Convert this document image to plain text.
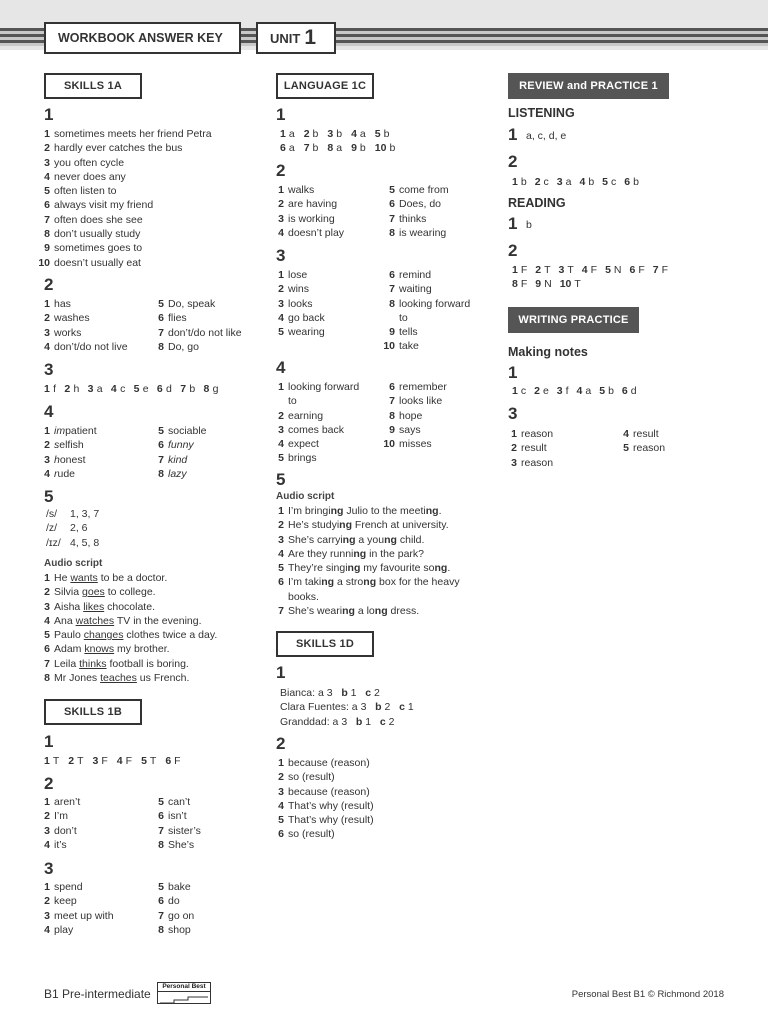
WORKBOOK ANSWER KEY	UNIT 1
SKILLS 1A
1
1 sometimes meets her friend Petra
2 hardly ever catches the bus
3 you often cycle
4 never does any
5 often listen to
6 always visit my friend
7 often does she see
8 don’t usually study
9 sometimes goes to
10 doesn’t usually eat
2
1 has
2 washes
3 works
4 don’t/do not live
5 Do, speak
6 flies
7 don’t/do not like
8 Do, go
3
1 f 2 h 3 a 4 c 5 e 6 d 7 b 8 g
4
1 impatient
2 selfish
3 honest
4 rude
5 sociable
6 funny
7 kind
8 lazy
5
/s/ 1, 3, 7
/z/ 2, 6
/ɪz/ 4, 5, 8
Audio script
1 He wants to be a doctor.
2 Silvia goes to college.
3 Aisha likes chocolate.
4 Ana watches TV in the evening.
5 Paulo changes clothes twice a day.
6 Adam knows my brother.
7 Leila thinks football is boring.
8 Mr Jones teaches us French.
SKILLS 1B
1
1 T 2 T 3 F 4 F 5 T 6 F
2
1 aren’t
2 I’m
3 don’t
4 it’s
5 can’t
6 isn’t
7 sister’s
8 She’s
3
1 spend
2 keep
3 meet up with
4 play
5 bake
6 do
7 go on
8 shop
LANGUAGE 1C
1
1 a 2 b 3 b 4 a 5 b
6 a 7 b 8 a 9 b 10 b
2
1 walks
2 are having
3 is working
4 doesn’t play
5 come from
6 Does, do
7 thinks
8 is wearing
3
1 lose
2 wins
3 looks
4 go back
5 wearing
6 remind
7 waiting
8 looking forward
to
9 tells
10 take
4
1 looking forward
to
2 earning
3 comes back
4 expect
5 brings
6 remember
7 looks like
8 hope
9 says
10 misses
5
Audio script
1 I’m bringing Julio to the meeting.
2 He’s studying French at university.
3 She’s carrying a young child.
4 Are they running in the park?
5 They’re singing my favourite song.
6 I’m taking a strong box for the heavy
books.
7 She’s wearing a long dress.
SKILLS 1D
1
Bianca: a 3 b 1 c 2
Clara Fuentes: a 3 b 2 c 1
Granddad: a 3 b 1 c 2
2
1 because (reason)
2 so (result)
3 because (reason)
4 That’s why (result)
5 That’s why (result)
6 so (result)
REVIEW and PRACTICE 1
LISTENING
1 a, c, d, e
2
1 b 2 c 3 a 4 b 5 c 6 b
READING
1 b
2
1 F 2 T 3 T 4 F 5 N 6 F 7 F
8 F 9 N 10 T
WRITING PRACTICE
Making notes
1
1 c 2 e 3 f 4 a 5 b 6 d
3
1 reason
2 result
3 reason
4 result
5 reason
B1 Pre-intermediate
Personal Best
Personal Best B1 © Richmond 2018
